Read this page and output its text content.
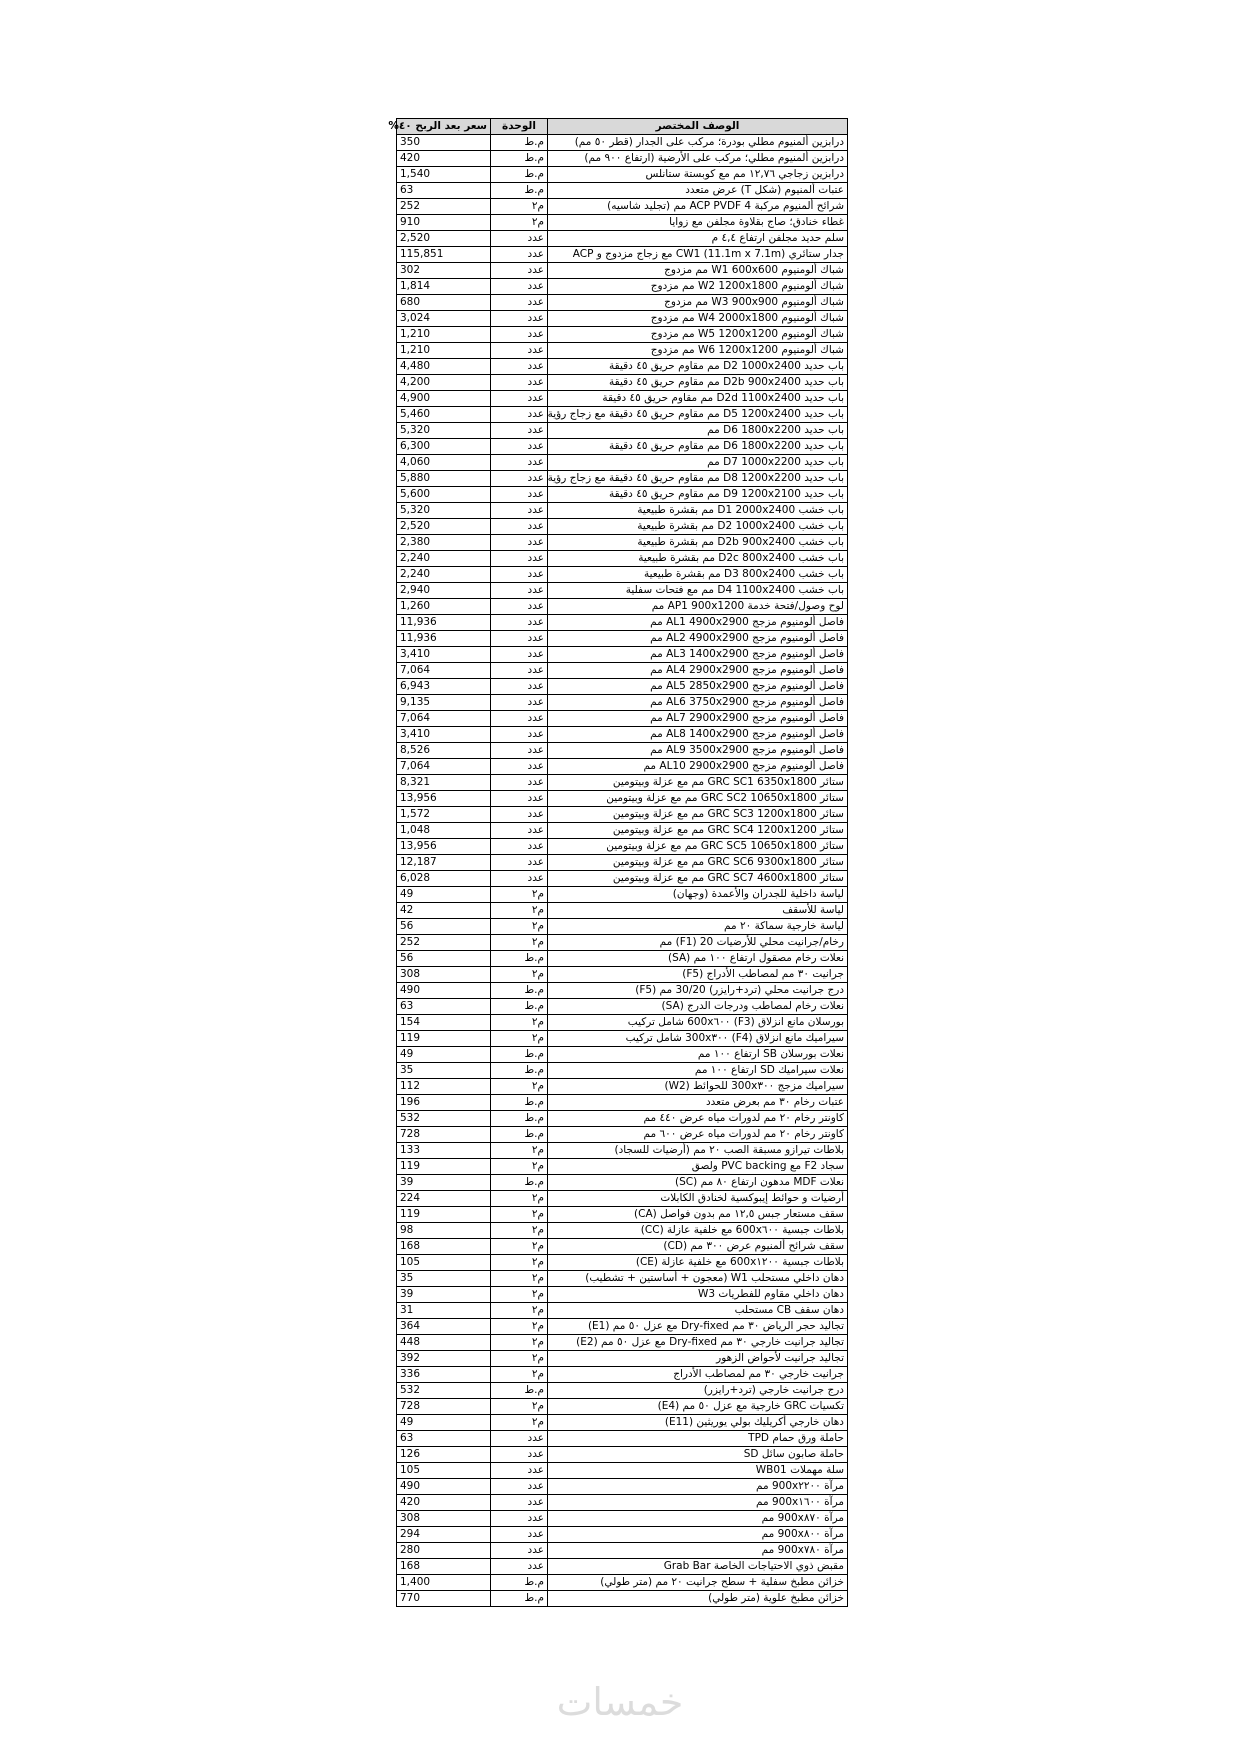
الوصف المختصر	الوحدة	سعر بعد الربح ٤٠%
درابزين ألمنيوم مطلي بودرة؛ مركب على الجدار (قطر ٥٠ مم)	م.ط	350
درابزين ألمنيوم مطلي؛ مركب على الأرضية (ارتفاع ٩٠٠ مم)	م.ط	420
درابزين زجاجي ١٢,٧٦ مم مع كوبستة ستانلس	م.ط	1,540
عتبات ألمنيوم (شكل T) عرض متعدد	م.ط	63
شرائح ألمنيوم مركبة ACP PVDF 4 مم (تجليد شاسيه)	م٢	252
غطاء خنادق؛ صاج بقلاوة مجلفن مع زوايا	م٢	910
سلم حديد مجلفن ارتفاع ٤,٤ م	عدد	2,520
جدار ستائري CW1 (11.1m x 7.1m) مع زجاج مزدوج و ACP	عدد	115,851
شباك ألومنيوم W1 600x600 مم مزدوج	عدد	302
شباك ألومنيوم W2 1200x1800 مم مزدوج	عدد	1,814
شباك ألومنيوم W3 900x900 مم مزدوج	عدد	680
شباك ألومنيوم W4 2000x1800 مم مزدوج	عدد	3,024
شباك ألومنيوم W5 1200x1200 مم مزدوج	عدد	1,210
شباك ألومنيوم W6 1200x1200 مم مزدوج	عدد	1,210
باب حديد D2 1000x2400 مم مقاوم حريق ٤٥ دقيقة	عدد	4,480
باب حديد D2b 900x2400 مم مقاوم حريق ٤٥ دقيقة	عدد	4,200
باب حديد D2d 1100x2400 مم مقاوم حريق ٤٥ دقيقة	عدد	4,900
باب حديد D5 1200x2400 مم مقاوم حريق ٤٥ دقيقة مع زجاج رؤية	عدد	5,460
باب حديد D6 1800x2200 مم	عدد	5,320
باب حديد D6 1800x2200 مم مقاوم حريق ٤٥ دقيقة	عدد	6,300
باب حديد D7 1000x2200 مم	عدد	4,060
باب حديد D8 1200x2200 مم مقاوم حريق ٤٥ دقيقة مع زجاج رؤية	عدد	5,880
باب حديد D9 1200x2100 مم مقاوم حريق ٤٥ دقيقة	عدد	5,600
باب خشب D1 2000x2400 مم بقشرة طبيعية	عدد	5,320
باب خشب D2 1000x2400 مم بقشرة طبيعية	عدد	2,520
باب خشب D2b 900x2400 مم بقشرة طبيعية	عدد	2,380
باب خشب D2c 800x2400 مم بقشرة طبيعية	عدد	2,240
باب خشب D3 800x2400 مم بقشرة طبيعية	عدد	2,240
باب خشب D4 1100x2400 مم مع فتحات سفلية	عدد	2,940
لوح وصول/فتحة خدمة AP1 900x1200 مم	عدد	1,260
فاصل ألومنيوم مزجج AL1 4900x2900 مم	عدد	11,936
فاصل ألومنيوم مزجج AL2 4900x2900 مم	عدد	11,936
فاصل ألومنيوم مزجج AL3 1400x2900 مم	عدد	3,410
فاصل ألومنيوم مزجج AL4 2900x2900 مم	عدد	7,064
فاصل ألومنيوم مزجج AL5 2850x2900 مم	عدد	6,943
فاصل ألومنيوم مزجج AL6 3750x2900 مم	عدد	9,135
فاصل ألومنيوم مزجج AL7 2900x2900 مم	عدد	7,064
فاصل ألومنيوم مزجج AL8 1400x2900 مم	عدد	3,410
فاصل ألومنيوم مزجج AL9 3500x2900 مم	عدد	8,526
فاصل ألومنيوم مزجج AL10 2900x2900 مم	عدد	7,064
ستائر GRC SC1 6350x1800 مم مع عزلة وبيتومين	عدد	8,321
ستائر GRC SC2 10650x1800 مم مع عزلة وبيتومين	عدد	13,956
ستائر GRC SC3 1200x1800 مم مع عزلة وبيتومين	عدد	1,572
ستائر GRC SC4 1200x1200 مم مع عزلة وبيتومين	عدد	1,048
ستائر GRC SC5 10650x1800 مم مع عزلة وبيتومين	عدد	13,956
ستائر GRC SC6 9300x1800 مم مع عزلة وبيتومين	عدد	12,187
ستائر GRC SC7 4600x1800 مم مع عزلة وبيتومين	عدد	6,028
لياسة داخلية للجدران والأعمدة (وجهان)	م٢	49
لياسة للأسقف	م٢	42
لياسة خارجية سماكة ٢٠ مم	م٢	56
رخام/جرانيت محلي للأرضيات 20 (F1) مم	م٢	252
نعلات رخام مصقول ارتفاع ١٠٠ مم (SA)	م.ط	56
جرانيت ٣٠ مم لمصاطب الأدراج (F5)	م٢	308
درج جرانيت محلي (ترد+رايزر) 30/20 مم (F5)	م.ط	490
نعلات رخام لمصاطب ودرجات الدرج (SA)	م.ط	63
بورسلان مانع انزلاق (F3) 600x٦٠٠ شامل تركيب	م٢	154
سيراميك مانع انزلاق (F4) 300x٣٠٠ شامل تركيب	م٢	119
نعلات بورسلان SB ارتفاع ١٠٠ مم	م.ط	49
نعلات سيراميك SD ارتفاع ١٠٠ مم	م.ط	35
سيراميك مزجج 300x٣٠٠ للحوائط (W2)	م٢	112
عتبات رخام ٣٠ مم بعرض متعدد	م.ط	196
كاونتر رخام ٢٠ مم لدورات مياه عرض ٤٤٠ مم	م.ط	532
كاونتر رخام ٢٠ مم لدورات مياه عرض ٦٠٠ مم	م.ط	728
بلاطات تيرازو مسبقة الصب ٢٠ مم (أرضيات للسجاد)	م٢	133
سجاد F2 مع PVC backing ولصق	م٢	119
نعلات MDF مدهون ارتفاع ٨٠ مم (SC)	م.ط	39
أرضيات و حوائط إيبوكسية لخنادق الكابلات	م٢	224
سقف مستعار جبس ١٢,٥ مم بدون فواصل (CA)	م٢	119
بلاطات جبسية 600x٦٠٠ مع خلفية عازلة (CC)	م٢	98
سقف شرائح ألمنيوم عرض ٣٠٠ مم (CD)	م٢	168
بلاطات جبسية 600x١٢٠٠ مع خلفية عازلة (CE)	م٢	105
دهان داخلي مستحلب W1 (معجون + أساستين + تشطيب)	م٢	35
دهان داخلي مقاوم للفطريات W3	م٢	39
دهان سقف CB مستحلب	م٢	31
تجاليد حجر الرياض ٣٠ مم Dry-fixed مع عزل ٥٠ مم (E1)	م٢	364
تجاليد جرانيت خارجي ٣٠ مم Dry-fixed مع عزل ٥٠ مم (E2)	م٢	448
تجاليد جرانيت لأحواض الزهور	م٢	392
جرانيت خارجي ٣٠ مم لمصاطب الأدراج	م٢	336
درج جرانيت خارجي (ترد+رايزر)	م.ط	532
تكسيات GRC خارجية مع عزل ٥٠ مم (E4)	م٢	728
دهان خارجي أكريليك بولي يوريثين (E11)	م٢	49
حاملة ورق حمام TPD	عدد	63
حاملة صابون سائل SD	عدد	126
سلة مهملات WB01	عدد	105
مرآة 900x٢٢٠٠ مم	عدد	490
مرآة 900x١٦٠٠ مم	عدد	420
مرآة 900x٨٧٠ مم	عدد	308
مرآة 900x٨٠٠ مم	عدد	294
مرآة 900x٧٨٠ مم	عدد	280
مقبض ذوي الاحتياجات الخاصة Grab Bar	عدد	168
خزائن مطبخ سفلية + سطح جرانيت ٢٠ مم (متر طولي)	م.ط	1,400
خزائن مطبخ علوية (متر طولي)	م.ط	770
خمسات
